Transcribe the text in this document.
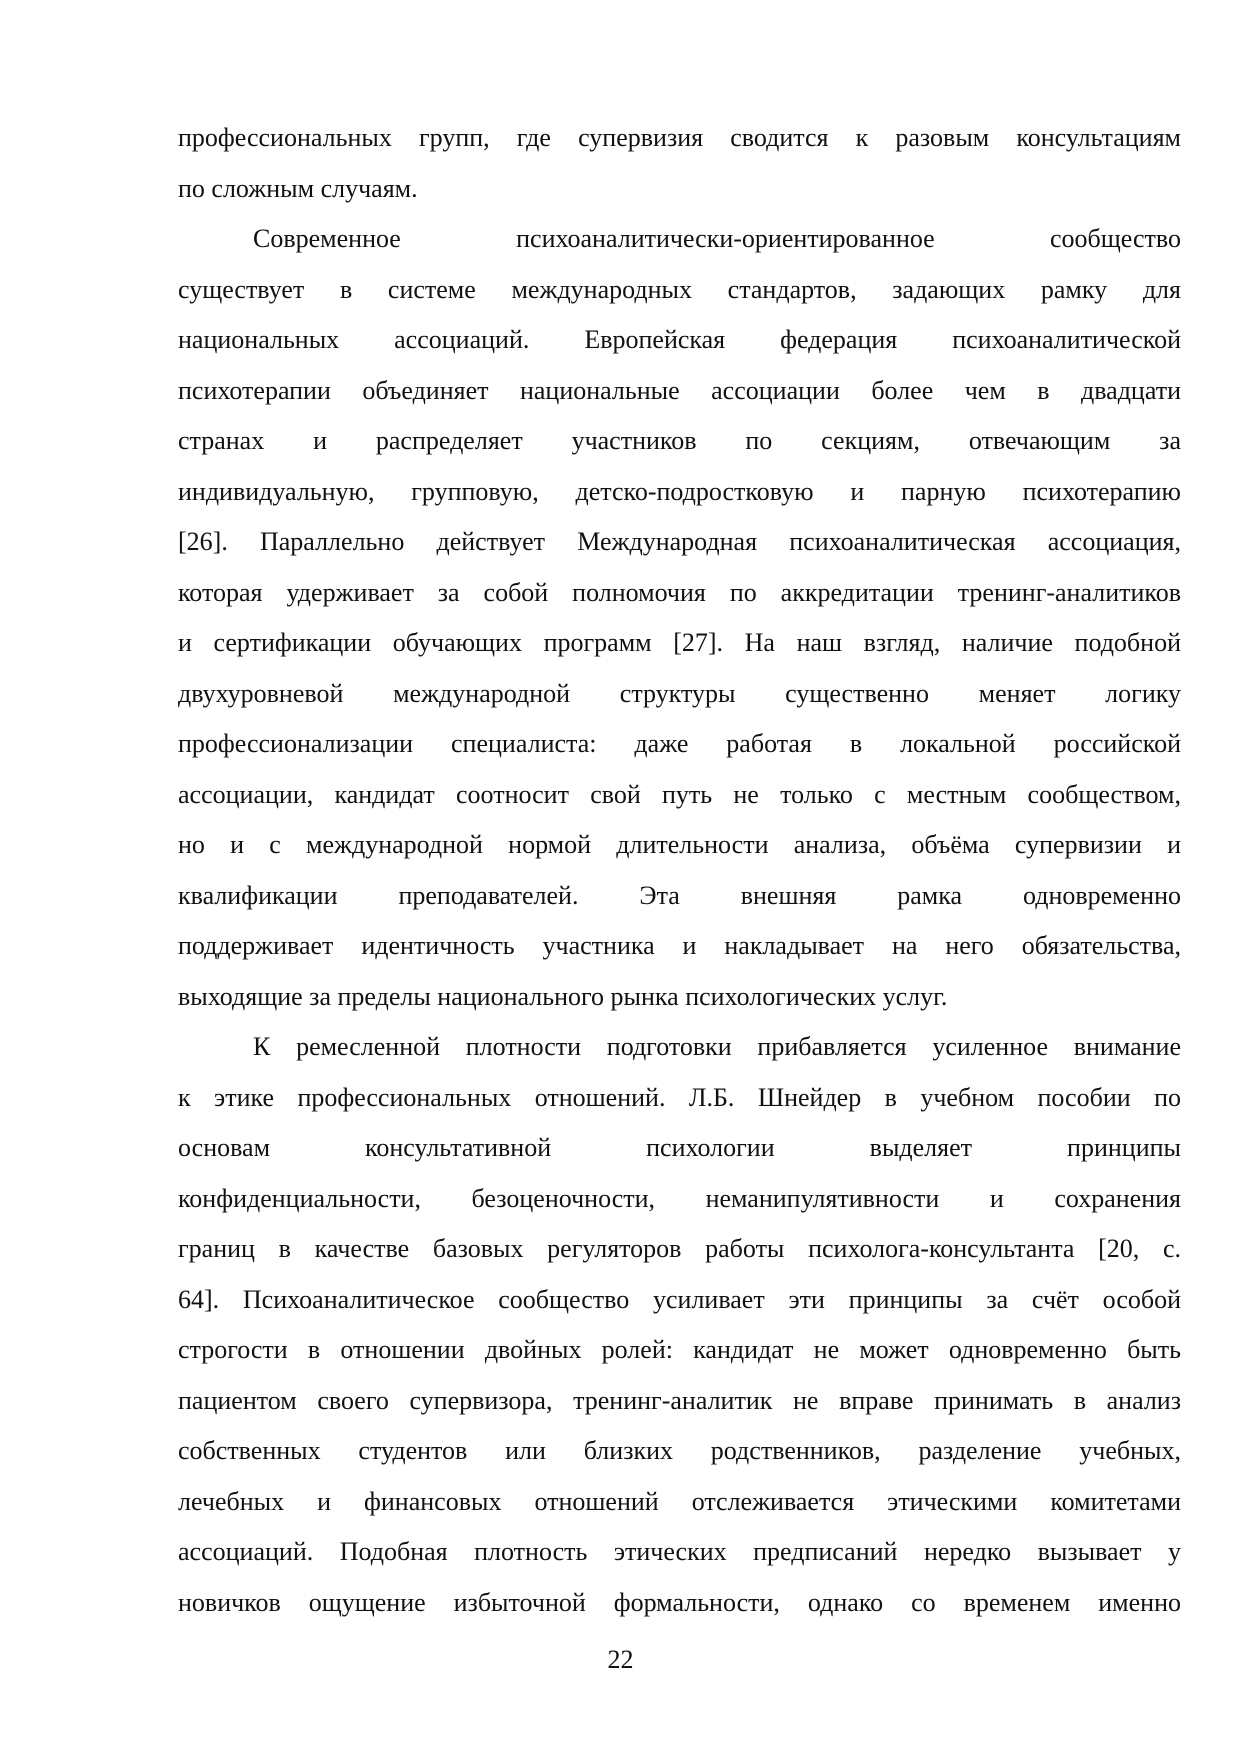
профессиональных групп, где супервизия сводится к разовым консультациям
по сложным случаям.
Современное психоаналитически-ориентированное сообщество
существует в системе международных стандартов, задающих рамку для
национальных ассоциаций. Европейская федерация психоаналитической
психотерапии объединяет национальные ассоциации более чем в двадцати
странах и распределяет участников по секциям, отвечающим за
индивидуальную, групповую, детско-подростковую и парную психотерапию
[26]. Параллельно действует Международная психоаналитическая ассоциация,
которая удерживает за собой полномочия по аккредитации тренинг-аналитиков
и сертификации обучающих программ [27]. На наш взгляд, наличие подобной
двухуровневой международной структуры существенно меняет логику
профессионализации специалиста: даже работая в локальной российской
ассоциации, кандидат соотносит свой путь не только с местным сообществом,
но и с международной нормой длительности анализа, объёма супервизии и
квалификации преподавателей. Эта внешняя рамка одновременно
поддерживает идентичность участника и накладывает на него обязательства,
выходящие за пределы национального рынка психологических услуг.
К ремесленной плотности подготовки прибавляется усиленное внимание
к этике профессиональных отношений. Л.Б. Шнейдер в учебном пособии по
основам консультативной психологии выделяет принципы
конфиденциальности, безоценочности, неманипулятивности и сохранения
границ в качестве базовых регуляторов работы психолога-консультанта [20, с.
64]. Психоаналитическое сообщество усиливает эти принципы за счёт особой
строгости в отношении двойных ролей: кандидат не может одновременно быть
пациентом своего супервизора, тренинг-аналитик не вправе принимать в анализ
собственных студентов или близких родственников, разделение учебных,
лечебных и финансовых отношений отслеживается этическими комитетами
ассоциаций. Подобная плотность этических предписаний нередко вызывает у
новичков ощущение избыточной формальности, однако со временем именно
22
